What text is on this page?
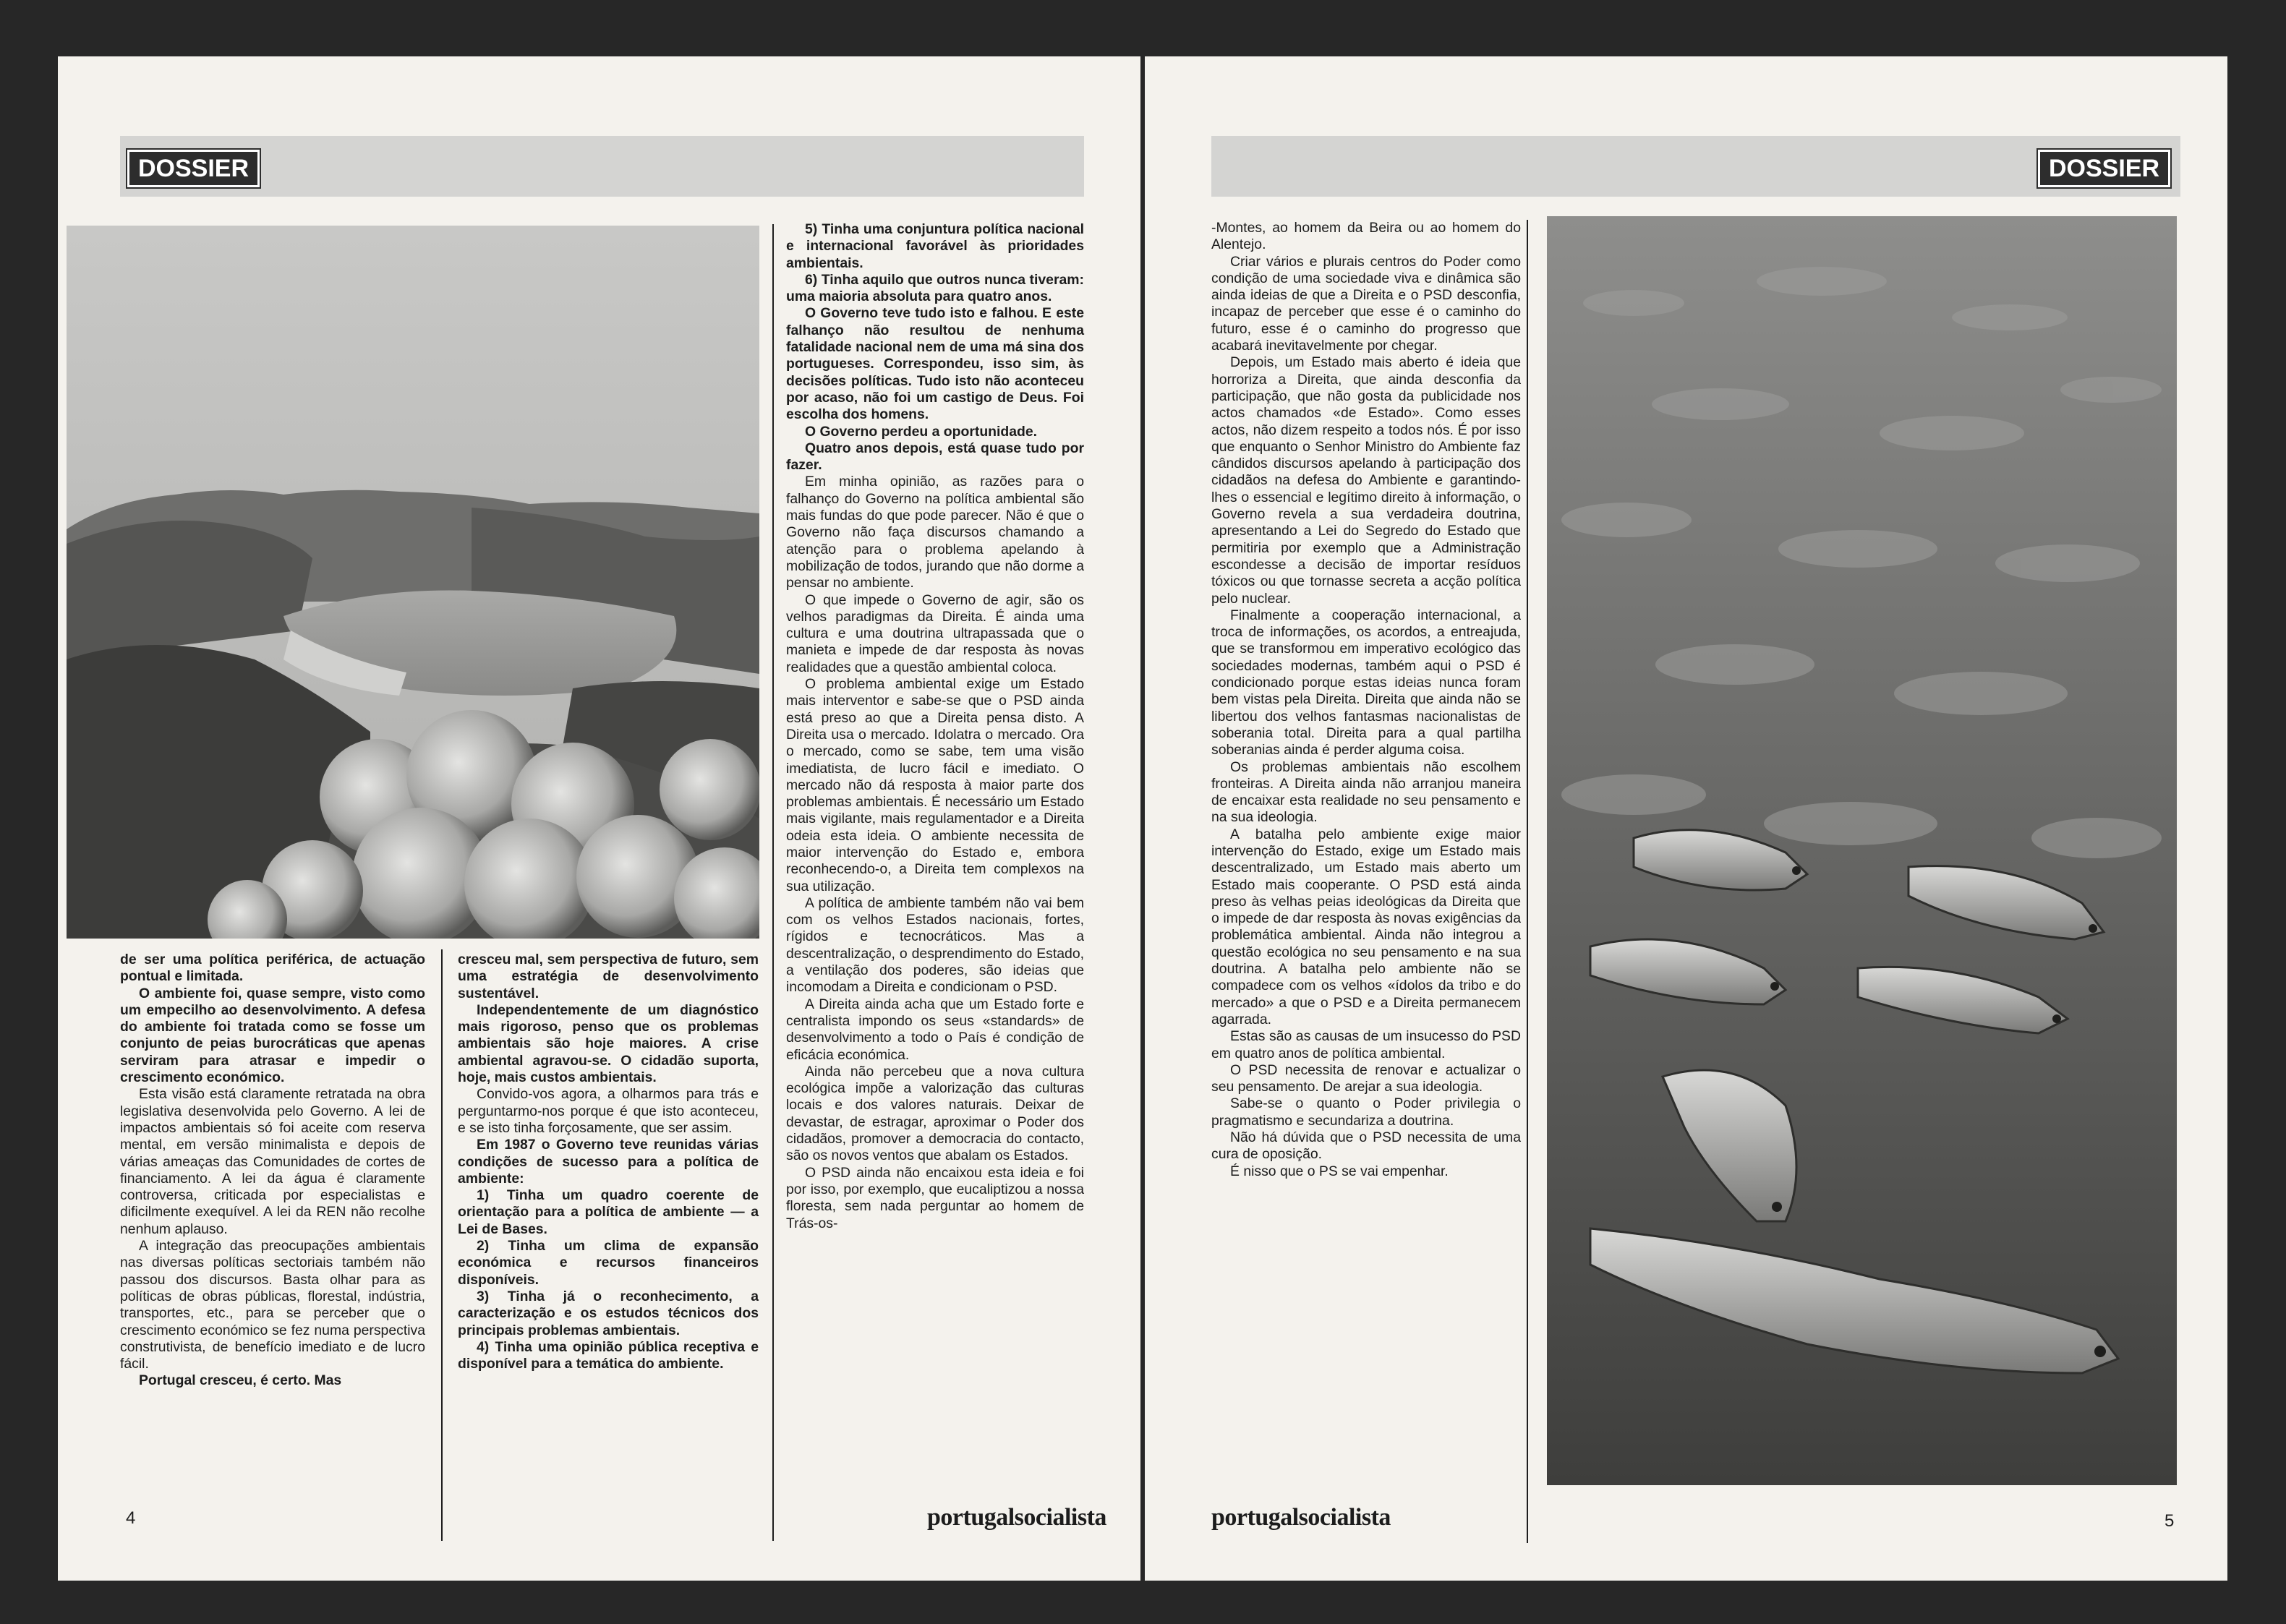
DOSSIER

de ser uma política periférica, de actuação pontual e limitada.

O ambiente foi, quase sempre, visto como um empecilho ao desenvolvimento. A defesa do ambiente foi tratada como se fosse um conjunto de peias burocráticas que apenas serviram para atrasar e impedir o crescimento económico.

Esta visão está claramente retratada na obra legislativa desenvolvida pelo Governo. A lei de impactos ambientais só foi aceite com reserva mental, em versão minimalista e depois de várias ameaças das Comunidades de cortes de financiamento. A lei da água é claramente controversa, criticada por especialistas e dificilmente exequível. A lei da REN não recolhe nenhum aplauso.

A integração das preocupações ambientais nas diversas políticas sectoriais também não passou dos discursos. Basta olhar para as políticas de obras públicas, florestal, indústria, transportes, etc., para se perceber que o crescimento económico se fez numa perspectiva construtivista, de benefício imediato e de lucro fácil.

Portugal cresceu, é certo. Mas

cresceu mal, sem perspectiva de futuro, sem uma estratégia de desenvolvimento sustentável.

Independentemente de um diagnóstico mais rigoroso, penso que os problemas ambientais são hoje maiores. A crise ambiental agravou-se. O cidadão suporta, hoje, mais custos ambientais.

Convido-vos agora, a olharmos para trás e perguntarmo-nos porque é que isto aconteceu, e se isto tinha forçosamente, que ser assim.

Em 1987 o Governo teve reunidas várias condições de sucesso para a política de ambiente:

1) Tinha um quadro coerente de orientação para a política de ambiente — a Lei de Bases.

2) Tinha um clima de expansão económica e recursos financeiros disponíveis.

3) Tinha já o reconhecimento, a caracterização e os estudos técnicos dos principais problemas ambientais.

4) Tinha uma opinião pública receptiva e disponível para a temática do ambiente.

5) Tinha uma conjuntura política nacional e internacional favorável às prioridades ambientais.

6) Tinha aquilo que outros nunca tiveram: uma maioria absoluta para quatro anos.

O Governo teve tudo isto e falhou. E este falhanço não resultou de nenhuma fatalidade nacional nem de uma má sina dos portugueses. Correspondeu, isso sim, às decisões políticas. Tudo isto não aconteceu por acaso, não foi um castigo de Deus. Foi escolha dos homens.

O Governo perdeu a oportunidade.

Quatro anos depois, está quase tudo por fazer.

Em minha opinião, as razões para o falhanço do Governo na política ambiental são mais fundas do que pode parecer. Não é que o Governo não faça discursos chamando a atenção para o problema apelando à mobilização de todos, jurando que não dorme a pensar no ambiente.

O que impede o Governo de agir, são os velhos paradigmas da Direita. É ainda uma cultura e uma doutrina ultrapassada que o manieta e impede de dar resposta às novas realidades que a questão ambiental coloca.

O problema ambiental exige um Estado mais interventor e sabe-se que o PSD ainda está preso ao que a Direita pensa disto. A Direita usa o mercado. Idolatra o mercado. Ora o mercado, como se sabe, tem uma visão imediatista, de lucro fácil e imediato. O mercado não dá resposta à maior parte dos problemas ambientais. É necessário um Estado mais vigilante, mais regulamentador e a Direita odeia esta ideia. O ambiente necessita de maior intervenção do Estado e, embora reconhecendo-o, a Direita tem complexos na sua utilização.

A política de ambiente também não vai bem com os velhos Estados nacionais, fortes, rígidos e tecnocráticos. Mas a descentralização, o desprendimento do Estado, a ventilação dos poderes, são ideias que incomodam a Direita e condicionam o PSD.

A Direita ainda acha que um Estado forte e centralista impondo os seus «standards» de desenvolvimento a todo o País é condição de eficácia económica.

Ainda não percebeu que a nova cultura ecológica impõe a valorização das culturas locais e dos valores naturais. Deixar de devastar, de estragar, aproximar o Poder dos cidadãos, promover a democracia do contacto, são os novos ventos que abalam os Estados.

O PSD ainda não encaixou esta ideia e foi por isso, por exemplo, que eucaliptizou a nossa floresta, sem nada perguntar ao homem de Trás-os-

4	portugalsocialista
DOSSIER

-Montes, ao homem da Beira ou ao homem do Alentejo.

Criar vários e plurais centros do Poder como condição de uma sociedade viva e dinâmica são ainda ideias de que a Direita e o PSD desconfia, incapaz de perceber que esse é o caminho do futuro, esse é o caminho do progresso que acabará inevitavelmente por chegar.

Depois, um Estado mais aberto é ideia que horroriza a Direita, que ainda desconfia da participação, que não gosta da publicidade nos actos chamados «de Estado». Como esses actos, não dizem respeito a todos nós. É por isso que enquanto o Senhor Ministro do Ambiente faz cândidos discursos apelando à participação dos cidadãos na defesa do Ambiente e garantindo-lhes o essencial e legítimo direito à informação, o Governo revela a sua verdadeira doutrina, apresentando a Lei do Segredo do Estado que permitiria por exemplo que a Administração escondesse a decisão de importar resíduos tóxicos ou que tornasse secreta a acção política pelo nuclear.

Finalmente a cooperação internacional, a troca de informações, os acordos, a entreajuda, que se transformou em imperativo ecológico das sociedades modernas, também aqui o PSD é condicionado porque estas ideias nunca foram bem vistas pela Direita. Direita que ainda não se libertou dos velhos fantasmas nacionalistas de soberania total. Direita para a qual partilha soberanias ainda é perder alguma coisa.

Os problemas ambientais não escolhem fronteiras. A Direita ainda não arranjou maneira de encaixar esta realidade no seu pensamento e na sua ideologia.

A batalha pelo ambiente exige maior intervenção do Estado, exige um Estado mais descentralizado, um Estado mais aberto um Estado mais cooperante. O PSD está ainda preso às velhas peias ideológicas da Direita que o impede de dar resposta às novas exigências da problemática ambiental. Ainda não integrou a questão ecológica no seu pensamento e na sua doutrina. A batalha pelo ambiente não se compadece com os velhos «ídolos da tribo e do mercado» a que o PSD e a Direita permanecem agarrada.

Estas são as causas de um insucesso do PSD em quatro anos de política ambiental.

O PSD necessita de renovar e actualizar o seu pensamento. De arejar a sua ideologia.

Sabe-se o quanto o Poder privilegia o pragmatismo e secundariza a doutrina.

Não há dúvida que o PSD necessita de uma cura de oposição.

É nisso que o PS se vai empenhar.

5
portugalsocialista
